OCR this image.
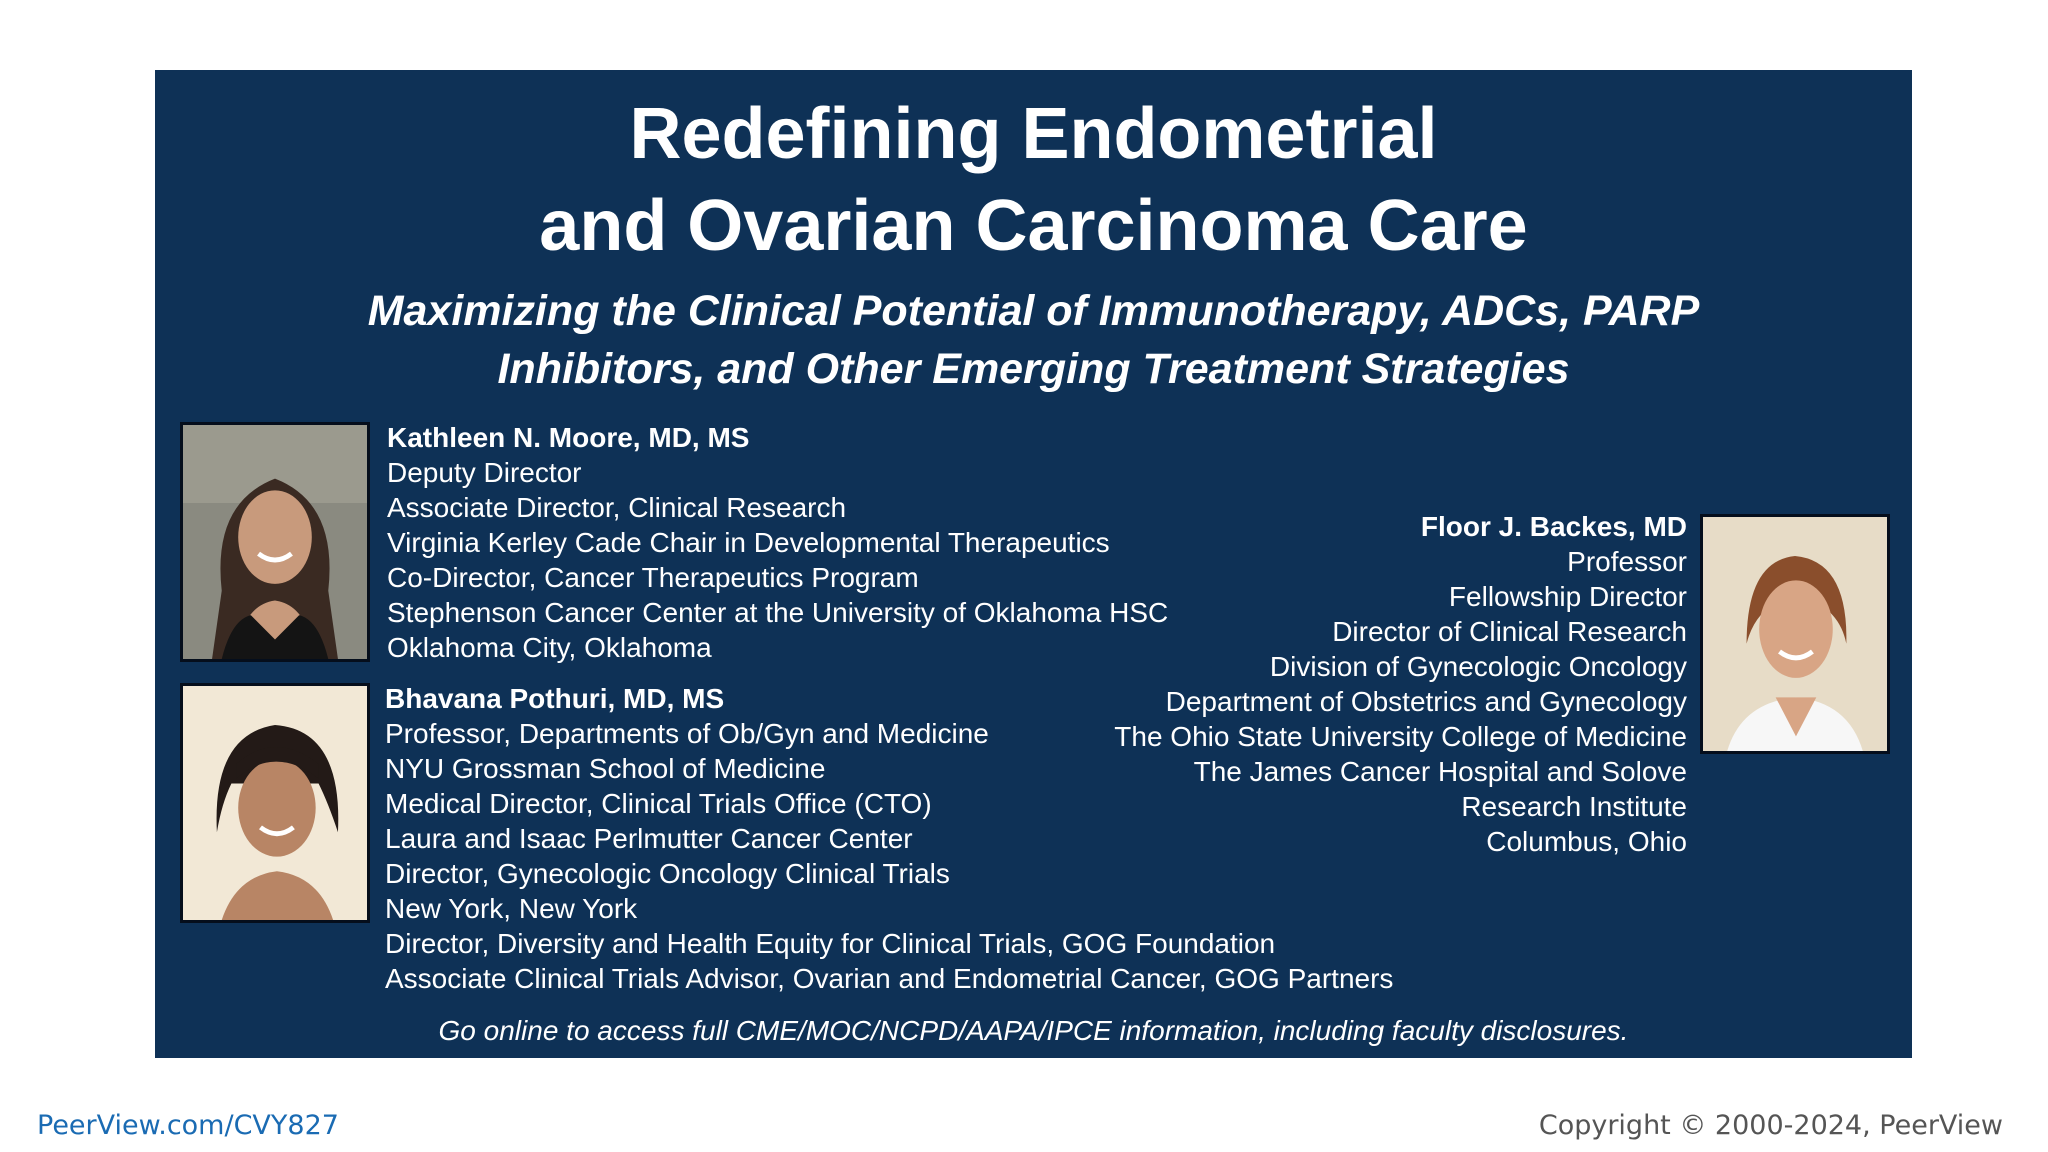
Redefining Endometrial
and Ovarian Carcinoma Care
Maximizing the Clinical Potential of Immunotherapy, ADCs, PARP
Inhibitors, and Other Emerging Treatment Strategies
Kathleen N. Moore, MD, MS
Deputy Director
Associate Director, Clinical Research
Virginia Kerley Cade Chair in Developmental Therapeutics
Co-Director, Cancer Therapeutics Program
Stephenson Cancer Center at the University of Oklahoma HSC
Oklahoma City, Oklahoma
Bhavana Pothuri, MD, MS
Professor, Departments of Ob/Gyn and Medicine
NYU Grossman School of Medicine
Medical Director, Clinical Trials Office (CTO)
Laura and Isaac Perlmutter Cancer Center
Director, Gynecologic Oncology Clinical Trials
New York, New York
Director, Diversity and Health Equity for Clinical Trials, GOG Foundation
Associate Clinical Trials Advisor, Ovarian and Endometrial Cancer, GOG Partners
Floor J. Backes, MD
Professor
Fellowship Director
Director of Clinical Research
Division of Gynecologic Oncology
Department of Obstetrics and Gynecology
The Ohio State University College of Medicine
The James Cancer Hospital and Solove
Research Institute
Columbus, Ohio
Go online to access full CME/MOC/NCPD/AAPA/IPCE information, including faculty disclosures.
PeerView.com/CVY827	Copyright © 2000-2024, PeerView
